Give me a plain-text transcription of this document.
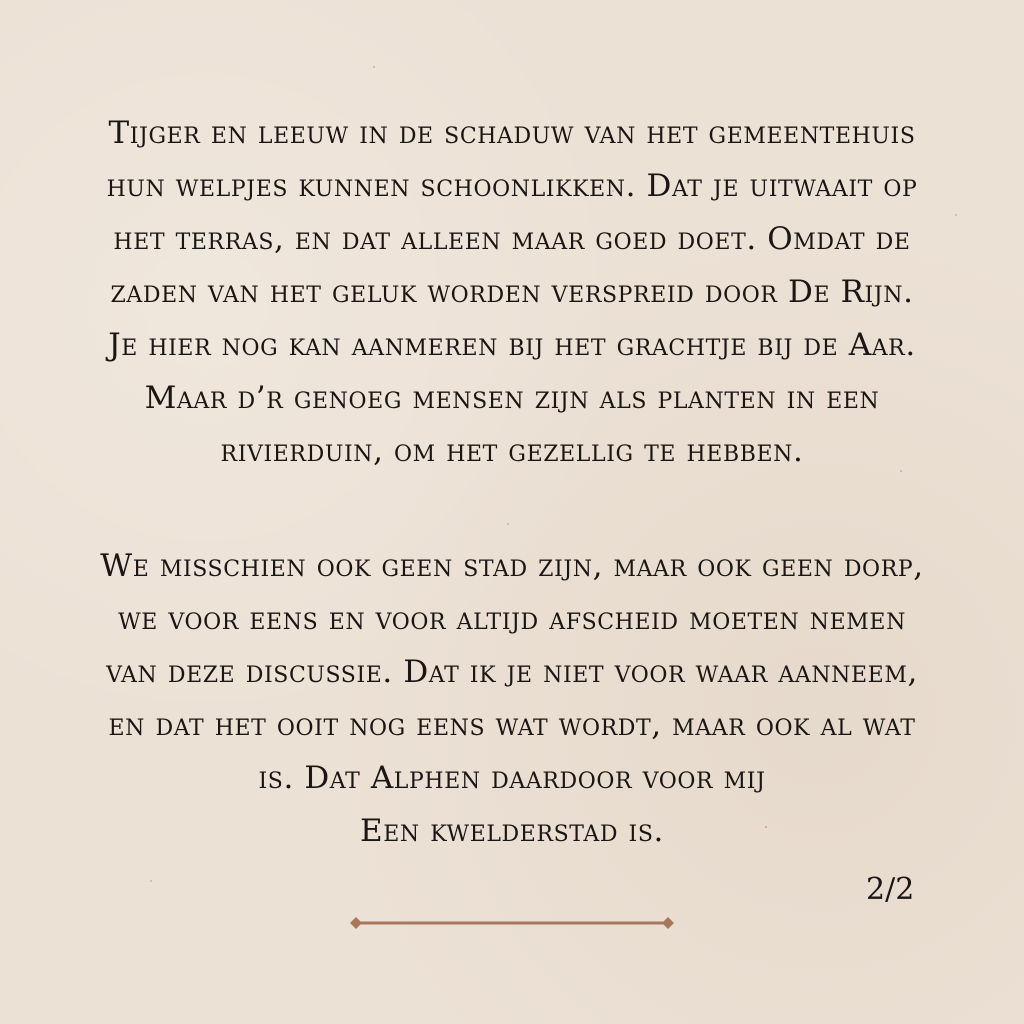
Tijger en leeuw in de schaduw van het gemeentehuis
hun welpjes kunnen schoonlikken. Dat je uitwaait op
het terras, en dat alleen maar goed doet. Omdat de
zaden van het geluk worden verspreid door De Rijn.
Je hier nog kan aanmeren bij het grachtje bij de Aar.
Maar d’r genoeg mensen zijn als planten in een
rivierduin, om het gezellig te hebben.
We misschien ook geen stad zijn, maar ook geen dorp,
we voor eens en voor altijd afscheid moeten nemen
van deze discussie. Dat ik je niet voor waar aanneem,
en dat het ooit nog eens wat wordt, maar ook al wat
is. Dat Alphen daardoor voor mij
Een kwelderstad is.
2/2
